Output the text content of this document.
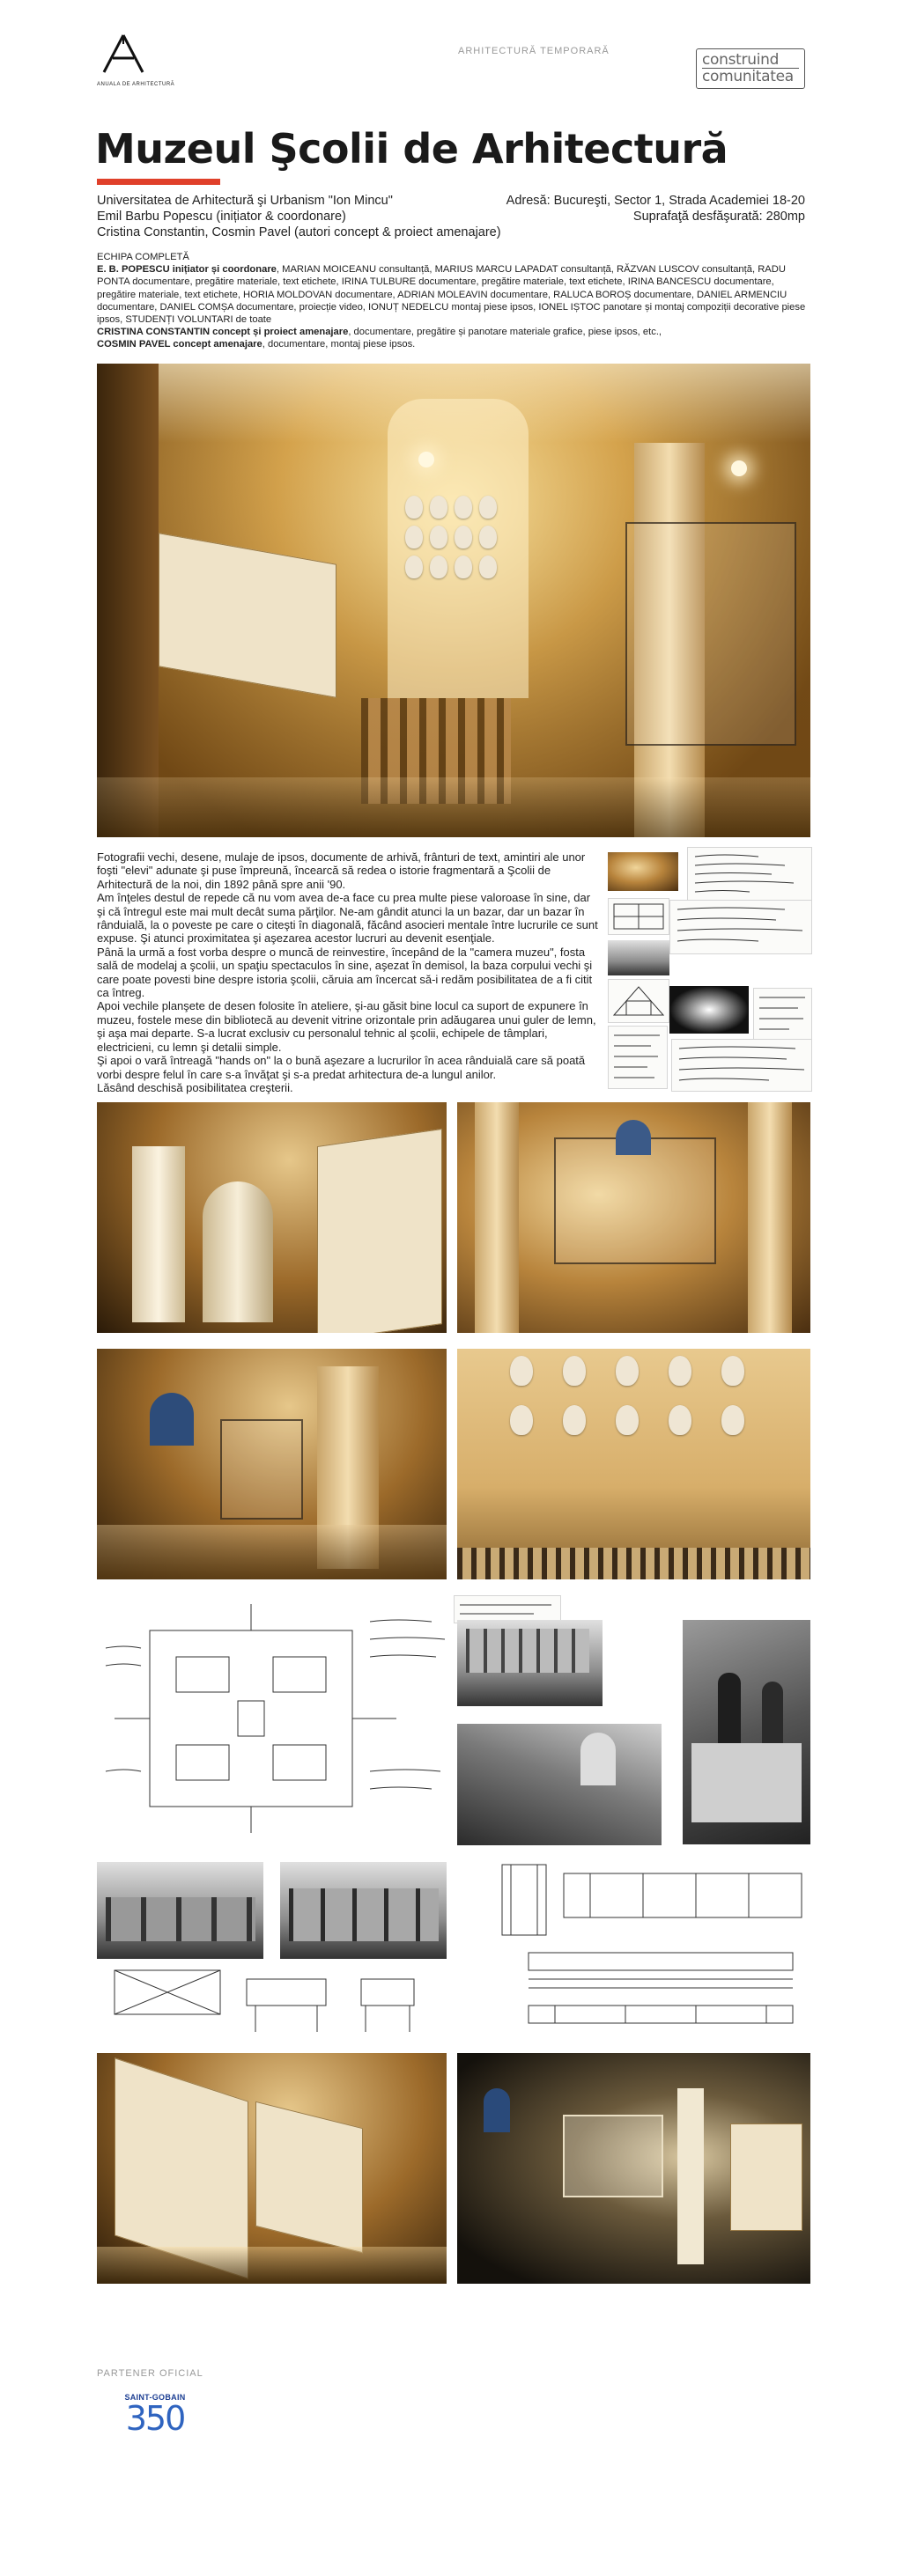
ANUALA DE ARHITECTURĂ
ARHITECTURĂ TEMPORARĂ	construind
comunitatea
Muzeul Şcolii de Arhitectură
Universitatea de Arhitectură şi Urbanism "Ion Mincu"
Emil Barbu Popescu (inițiator & coordonare)
Cristina Constantin, Cosmin Pavel (autori concept & proiect amenajare)
Adresă: Bucureşti, Sector 1, Strada Academiei 18-20
Suprafaţă desfăşurată: 280mp
ECHIPA COMPLETĂ
E. B. POPESCU inițiator și coordonare, MARIAN MOICEANU consultanță, MARIUS MARCU LAPADAT consultanță, RĂZVAN LUSCOV consultanță, RADU PONTA documentare, pregătire materiale, text etichete, IRINA TULBURE documentare, pregătire materiale, text etichete, IRINA BANCESCU documentare, pregătire materiale, text etichete, HORIA MOLDOVAN documentare, ADRIAN MOLEAVIN documentare, RALUCA BOROȘ documentare, DANIEL ARMENCIU documentare, DANIEL COMȘA documentare, proiecție video, IONUȚ NEDELCU montaj piese ipsos, IONEL IȘTOC panotare și montaj compoziții decorative piese ipsos, STUDENȚI VOLUNTARI de toate
CRISTINA CONSTANTIN concept și proiect amenajare, documentare, pregătire și panotare materiale grafice, piese ipsos, etc.,
COSMIN PAVEL concept amenajare, documentare, montaj piese ipsos.

Fotografii vechi, desene, mulaje de ipsos, documente de arhivă, frânturi de text, amintiri ale unor foşti "elevi" adunate şi puse împreună, încearcă să redea o istorie fragmentară a Şcolii de Arhitectură de la noi, din 1892 până spre anii '90.

Am înţeles destul de repede că nu vom avea de-a face cu prea multe piese valoroase în sine, dar şi că întregul este mai mult decât suma părţilor. Ne-am gândit atunci la un bazar, dar un bazar în rânduială, la o poveste pe care o citeşti în diagonală, făcând asocieri mentale între lucrurile ce sunt expuse. Şi atunci proximitatea şi aşezarea acestor lucruri au devenit esenţiale.

Până la urmă a fost vorba despre o muncă de reinvestire, începând de la "camera muzeu", fosta sală de modelaj a şcolii, un spaţiu spectaculos în sine, aşezat în demisol, la baza corpului vechi şi care poate povesti bine despre istoria şcolii, căruia am încercat să-i redăm posibilitatea de a fi citit ca întreg.

Apoi vechile planşete de desen folosite în ateliere, şi-au găsit bine locul ca suport de expunere în muzeu, fostele mese din bibliotecă au devenit vitrine orizontale prin adăugarea unui guler de lemn, şi aşa mai departe. S-a lucrat exclusiv cu personalul tehnic al şcolii, echipele de tâmplari, electricieni, cu lemn şi detalii simple.

Şi apoi o vară întreagă "hands on" la o bună aşezare a lucrurilor în acea rânduială care să poată vorbi despre felul în care s-a învăţat şi s-a predat arhitectura de-a lungul anilor.

Lăsând deschisă posibilitatea creşterii.

PARTENER OFICIAL
SAINT-GOBAIN
350
